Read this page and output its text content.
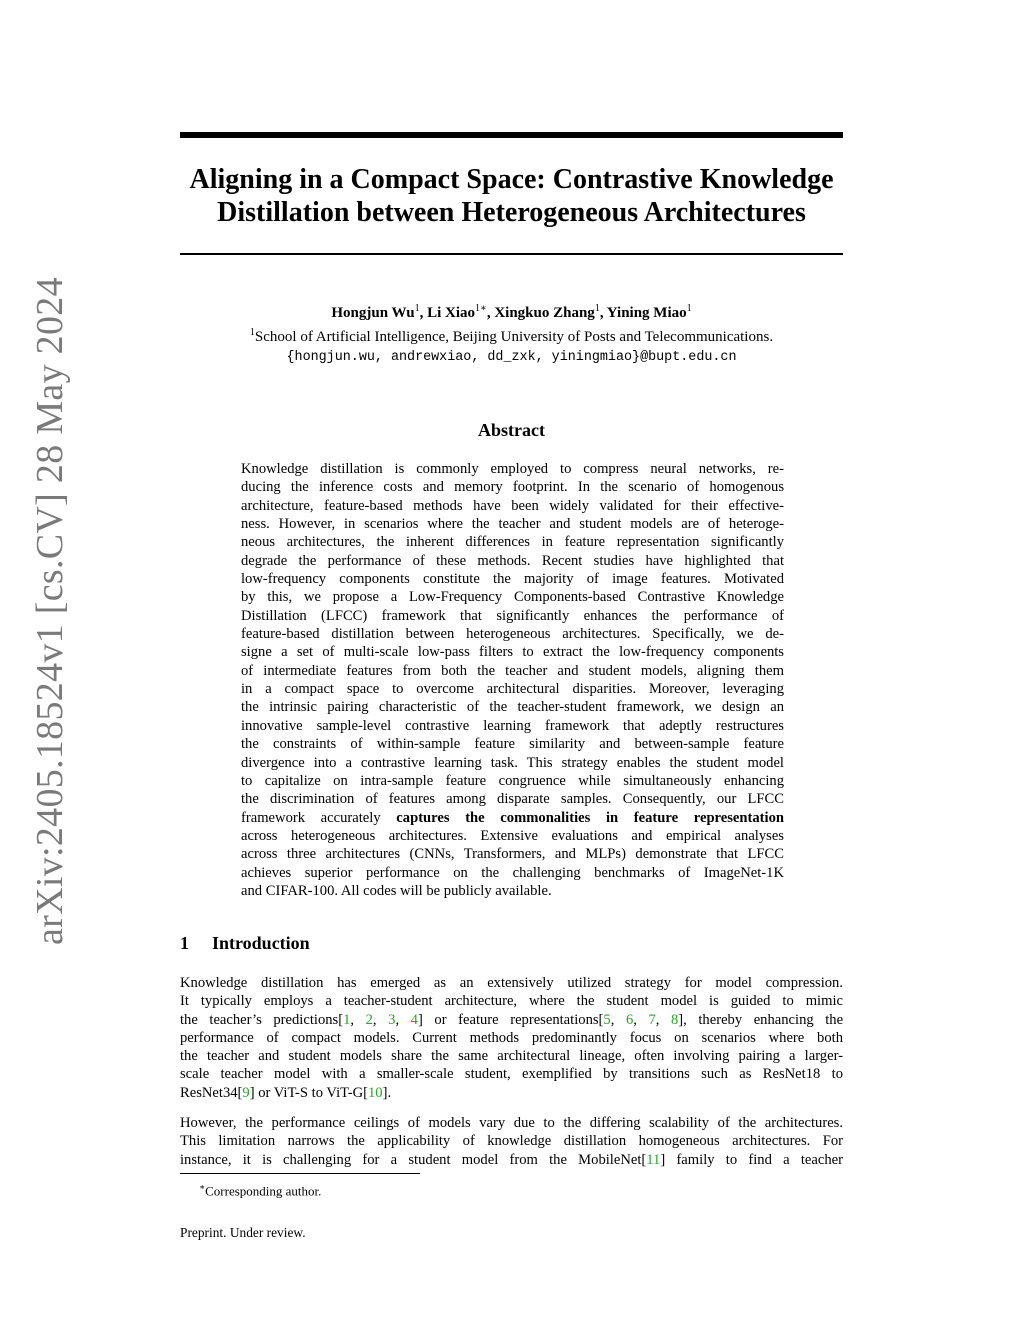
arXiv:2405.18524v1 [cs.CV] 28 May 2024
Aligning in a Compact Space: Contrastive Knowledge
Distillation between Heterogeneous Architectures
Hongjun Wu$^1$, Li Xiao$^{1∗}$, Xingkuo Zhang$^1$, Yining Miao$^1$
$^1$School of Artificial Intelligence, Beijing University of Posts and Telecommunications.
{hongjun.wu, andrewxiao, dd_zxk, yiningmiao}@bupt.edu.cn
Abstract
Knowledge distillation is commonly employed to compress neural networks, re-
ducing the inference costs and memory footprint. In the scenario of homogenous
architecture, feature-based methods have been widely validated for their effective-
ness. However, in scenarios where the teacher and student models are of heteroge-
neous architectures, the inherent differences in feature representation significantly
degrade the performance of these methods. Recent studies have highlighted that
low-frequency components constitute the majority of image features. Motivated
by this, we propose a Low-Frequency Components-based Contrastive Knowledge
Distillation (LFCC) framework that significantly enhances the performance of
feature-based distillation between heterogeneous architectures. Specifically, we de-
signe a set of multi-scale low-pass filters to extract the low-frequency components
of intermediate features from both the teacher and student models, aligning them
in a compact space to overcome architectural disparities. Moreover, leveraging
the intrinsic pairing characteristic of the teacher-student framework, we design an
innovative sample-level contrastive learning framework that adeptly restructures
the constraints of within-sample feature similarity and between-sample feature
divergence into a contrastive learning task. This strategy enables the student model
to capitalize on intra-sample feature congruence while simultaneously enhancing
the discrimination of features among disparate samples. Consequently, our LFCC
framework accurately captures the commonalities in feature representation
across heterogeneous architectures. Extensive evaluations and empirical analyses
across three architectures (CNNs, Transformers, and MLPs) demonstrate that LFCC
achieves superior performance on the challenging benchmarks of ImageNet-1K
and CIFAR-100. All codes will be publicly available.
1 Introduction
Knowledge distillation has emerged as an extensively utilized strategy for model compression.
It typically employs a teacher-student architecture, where the student model is guided to mimic
the teacher’s predictions[1, 2, 3, 4] or feature representations[5, 6, 7, 8], thereby enhancing the
performance of compact models. Current methods predominantly focus on scenarios where both
the teacher and student models share the same architectural lineage, often involving pairing a larger-
scale teacher model with a smaller-scale student, exemplified by transitions such as ResNet18 to
ResNet34[9] or ViT-S to ViT-G[10].
However, the performance ceilings of models vary due to the differing scalability of the architectures.
This limitation narrows the applicability of knowledge distillation homogeneous architectures. For
instance, it is challenging for a student model from the MobileNet[11] family to find a teacher
∗Corresponding author.
Preprint. Under review.
